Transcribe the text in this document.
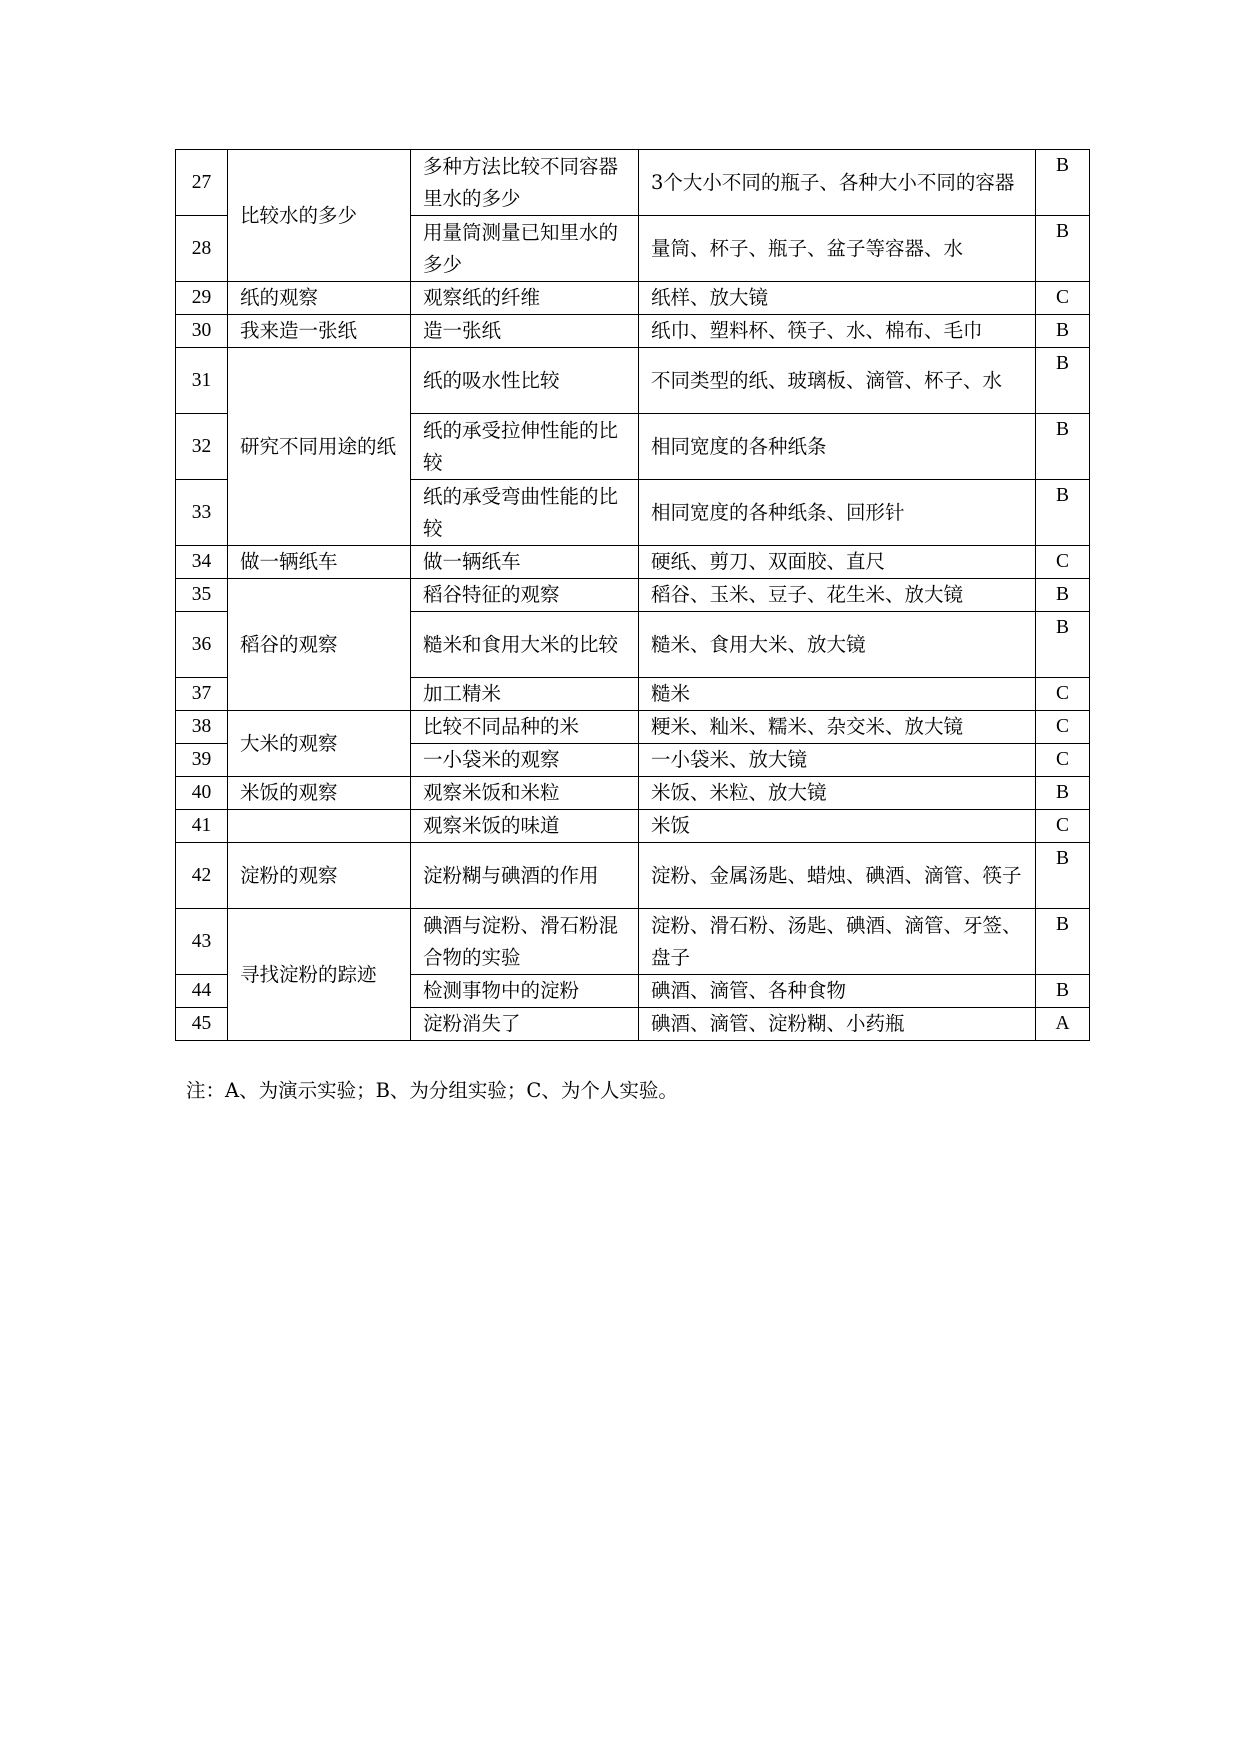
27	比较水的多少	多种方法比较不同容器里水的多少	3个大小不同的瓶子、各种大小不同的容器	B
28		用量筒测量已知里水的多少	量筒、杯子、瓶子、盆子等容器、水	B
29	纸的观察	观察纸的纤维	纸样、放大镜	C
30	我来造一张纸	造一张纸	纸巾、塑料杯、筷子、水、棉布、毛巾	B
31	研究不同用途的纸	纸的吸水性比较	不同类型的纸、玻璃板、滴管、杯子、水	B
32		纸的承受拉伸性能的比较	相同宽度的各种纸条	B
33		纸的承受弯曲性能的比较	相同宽度的各种纸条、回形针	B
34	做一辆纸车	做一辆纸车	硬纸、剪刀、双面胶、直尺	C
35	稻谷的观察	稻谷特征的观察	稻谷、玉米、豆子、花生米、放大镜	B
36		糙米和食用大米的比较	糙米、食用大米、放大镜	B
37		加工精米	糙米	C
38	大米的观察	比较不同品种的米	粳米、籼米、糯米、杂交米、放大镜	C
39		一小袋米的观察	一小袋米、放大镜	C
40	米饭的观察	观察米饭和米粒	米饭、米粒、放大镜	B
41		观察米饭的味道	米饭	C
42	淀粉的观察	淀粉糊与碘酒的作用	淀粉、金属汤匙、蜡烛、碘酒、滴管、筷子	B
43	寻找淀粉的踪迹	碘酒与淀粉、滑石粉混合物的实验	淀粉、滑石粉、汤匙、碘酒、滴管、牙签、盘子	B
44		检测事物中的淀粉	碘酒、滴管、各种食物	B
45		淀粉消失了	碘酒、滴管、淀粉糊、小药瓶	A

注：A、为演示实验；B、为分组实验；C、为个人实验。
